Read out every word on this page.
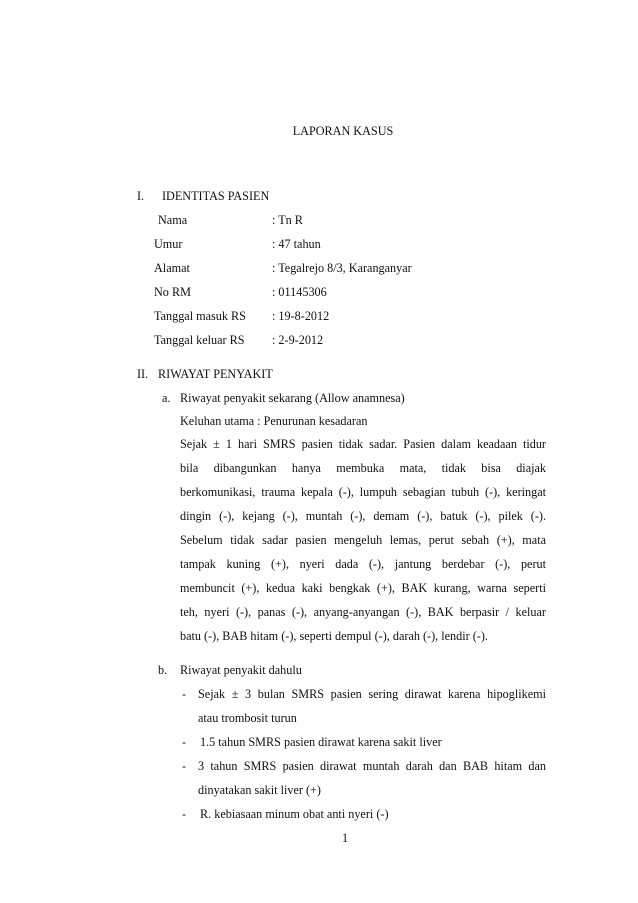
LAPORAN KASUS
I. IDENTITAS PASIEN
Nama	: Tn R
Umur	: 47 tahun
Alamat	: Tegalrejo 8/3, Karanganyar
No RM	: 01145306
Tanggal masuk RS : 19-8-2012
Tanggal keluar RS : 2-9-2012
II. RIWAYAT PENYAKIT
a. Riwayat penyakit sekarang (Allow anamnesa)
Keluhan utama : Penurunan kesadaran
Sejak ± 1 hari SMRS pasien tidak sadar. Pasien dalam keadaan tidur
bila dibangunkan hanya membuka mata, tidak bisa diajak
berkomunikasi, trauma kepala (-), lumpuh sebagian tubuh (-), keringat
dingin (-), kejang (-), muntah (-), demam (-), batuk (-), pilek (-).
Sebelum tidak sadar pasien mengeluh lemas, perut sebah (+), mata
tampak kuning (+), nyeri dada (-), jantung berdebar (-), perut
membuncit (+), kedua kaki bengkak (+), BAK kurang, warna seperti
teh, nyeri (-), panas (-), anyang-anyangan (-), BAK berpasir / keluar
batu (-), BAB hitam (-), seperti dempul (-), darah (-), lendir (-).
b. Riwayat penyakit dahulu
- Sejak ± 3 bulan SMRS pasien sering dirawat karena hipoglikemi
atau trombosit turun
- 1.5 tahun SMRS pasien dirawat karena sakit liver
- 3 tahun SMRS pasien dirawat muntah darah dan BAB hitam dan
dinyatakan sakit liver (+)
- R. kebiasaan minum obat anti nyeri (-)
1
